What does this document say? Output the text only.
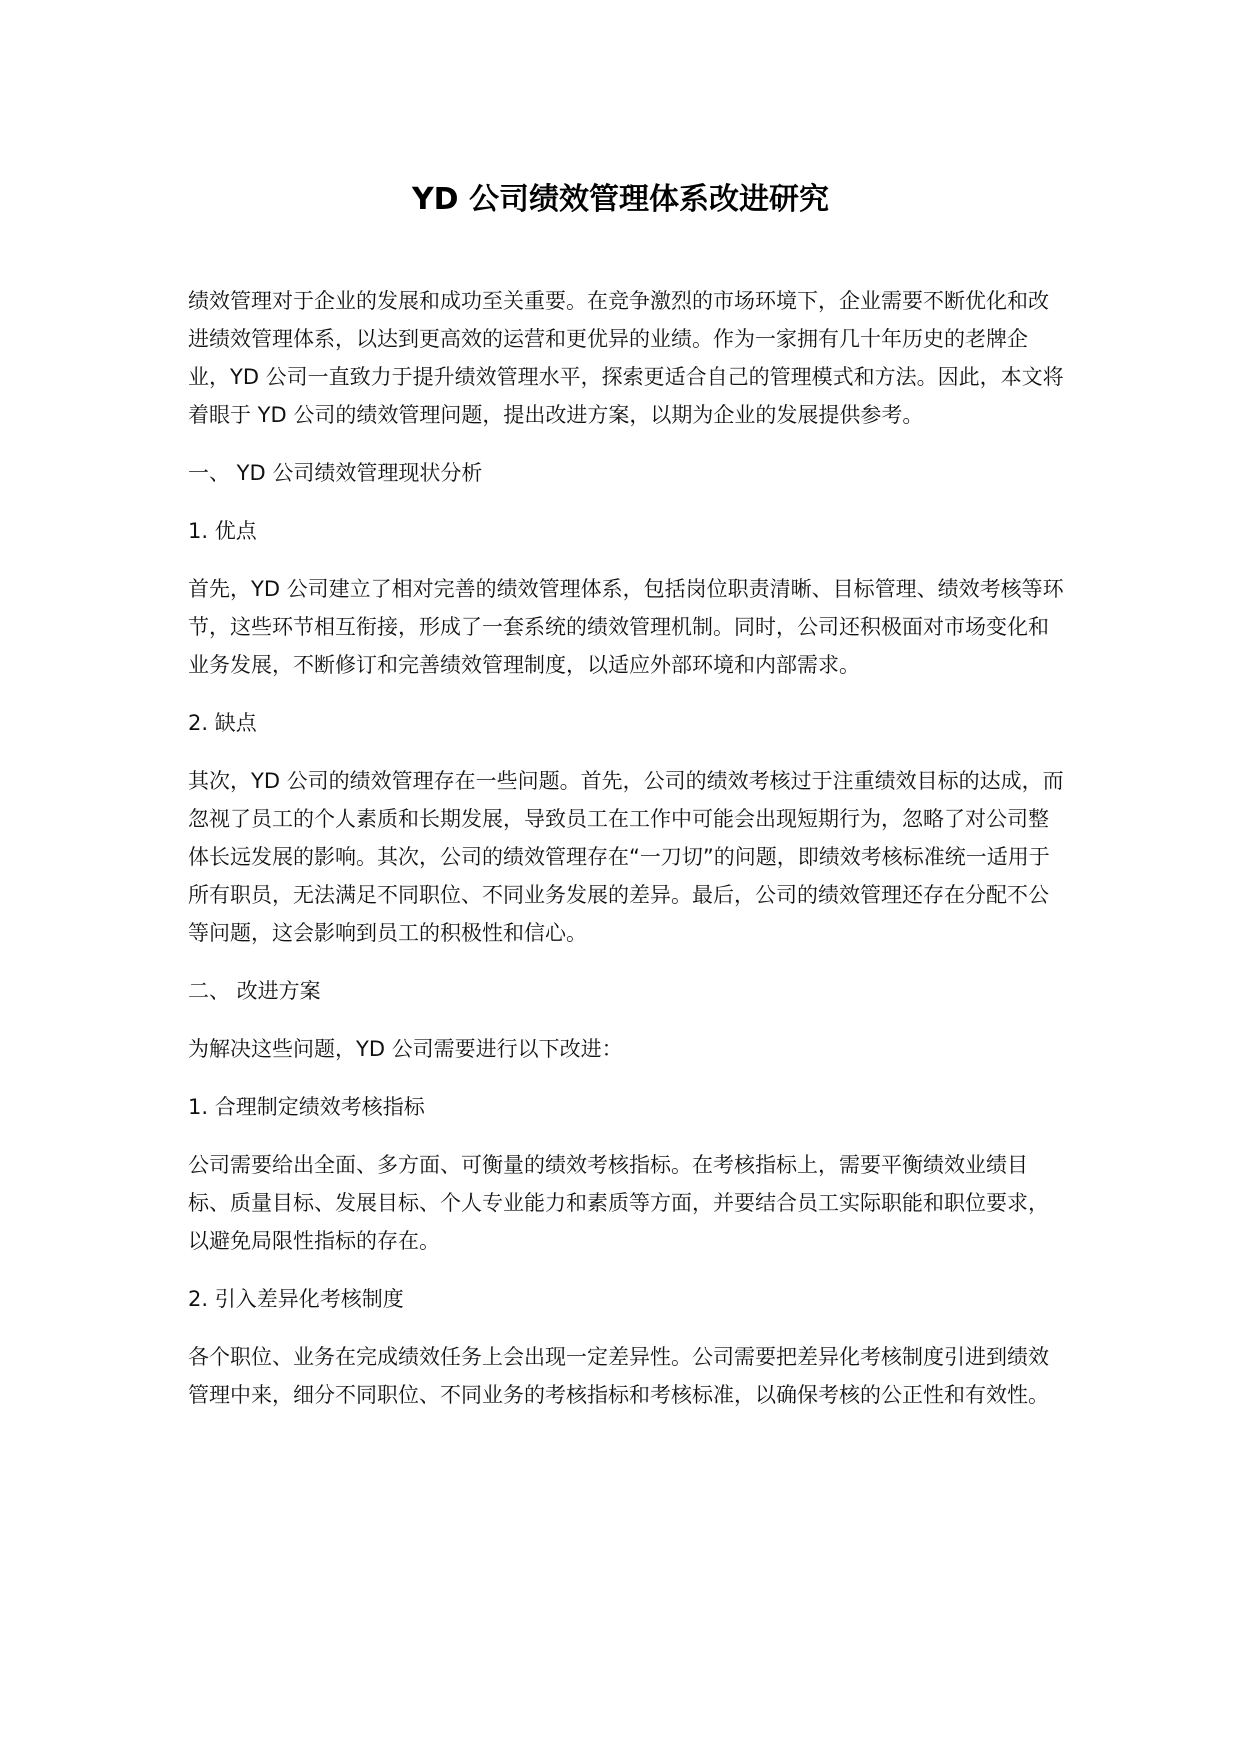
YD 公司绩效管理体系改进研究

绩效管理对于企业的发展和成功至关重要。在竞争激烈的市场环境下，企业需要不断优化和改进绩效管理体系，以达到更高效的运营和更优异的业绩。作为一家拥有几十年历史的老牌企业，YD 公司一直致力于提升绩效管理水平，探索更适合自己的管理模式和方法。因此，本文将着眼于 YD 公司的绩效管理问题，提出改进方案，以期为企业的发展提供参考。

一、 YD 公司绩效管理现状分析

1. 优点

首先，YD 公司建立了相对完善的绩效管理体系，包括岗位职责清晰、目标管理、绩效考核等环节，这些环节相互衔接，形成了一套系统的绩效管理机制。同时，公司还积极面对市场变化和业务发展，不断修订和完善绩效管理制度，以适应外部环境和内部需求。

2. 缺点

其次，YD 公司的绩效管理存在一些问题。首先，公司的绩效考核过于注重绩效目标的达成，而忽视了员工的个人素质和长期发展，导致员工在工作中可能会出现短期行为，忽略了对公司整体长远发展的影响。其次，公司的绩效管理存在“一刀切”的问题，即绩效考核标准统一适用于所有职员，无法满足不同职位、不同业务发展的差异。最后，公司的绩效管理还存在分配不公等问题，这会影响到员工的积极性和信心。

二、 改进方案

为解决这些问题，YD 公司需要进行以下改进：

1. 合理制定绩效考核指标

公司需要给出全面、多方面、可衡量的绩效考核指标。在考核指标上，需要平衡绩效业绩目标、质量目标、发展目标、个人专业能力和素质等方面，并要结合员工实际职能和职位要求，以避免局限性指标的存在。

2. 引入差异化考核制度

各个职位、业务在完成绩效任务上会出现一定差异性。公司需要把差异化考核制度引进到绩效管理中来，细分不同职位、不同业务的考核指标和考核标准，以确保考核的公正性和有效性。
